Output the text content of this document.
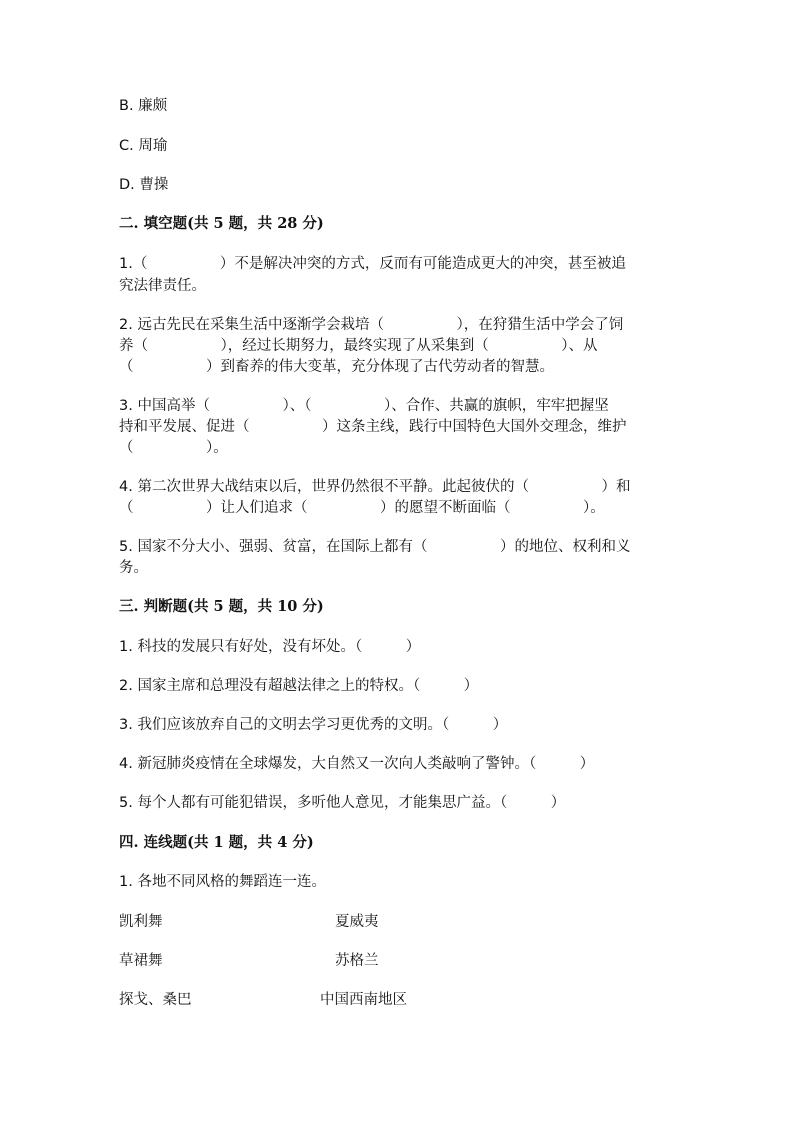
B. 廉颇
C. 周瑜
D. 曹操
二. 填空题(共 5 题，共 28 分)
1.（　　　　　）不是解决冲突的方式，反而有可能造成更大的冲突，甚至被追
究法律责任。
2. 远古先民在采集生活中逐渐学会栽培（　　　　　），在狩猎生活中学会了饲
养（　　　　　），经过长期努力，最终实现了从采集到（　　　　　）、从
（　　　　　）到畜养的伟大变革，充分体现了古代劳动者的智慧。
3. 中国高举（　　　　　）、（　　　　　）、合作、共赢的旗帜，牢牢把握坚
持和平发展、促进（　　　　　）这条主线，践行中国特色大国外交理念，维护
（　　　　　）。
4. 第二次世界大战结束以后，世界仍然很不平静。此起彼伏的（　　　　　）和
（　　　　　）让人们追求（　　　　　）的愿望不断面临（　　　　　）。
5. 国家不分大小、强弱、贫富，在国际上都有（　　　　　）的地位、权利和义
务。
三. 判断题(共 5 题，共 10 分)
1. 科技的发展只有好处，没有坏处。（　　　）
2. 国家主席和总理没有超越法律之上的特权。（　　　）
3. 我们应该放弃自己的文明去学习更优秀的文明。（　　　）
4. 新冠肺炎疫情在全球爆发，大自然又一次向人类敲响了警钟。（　　　）
5. 每个人都有可能犯错误，多听他人意见，才能集思广益。（　　　）
四. 连线题(共 1 题，共 4 分)
1. 各地不同风格的舞蹈连一连。
凯利舞	夏威夷
草裙舞	苏格兰
探戈、桑巴	中国西南地区
